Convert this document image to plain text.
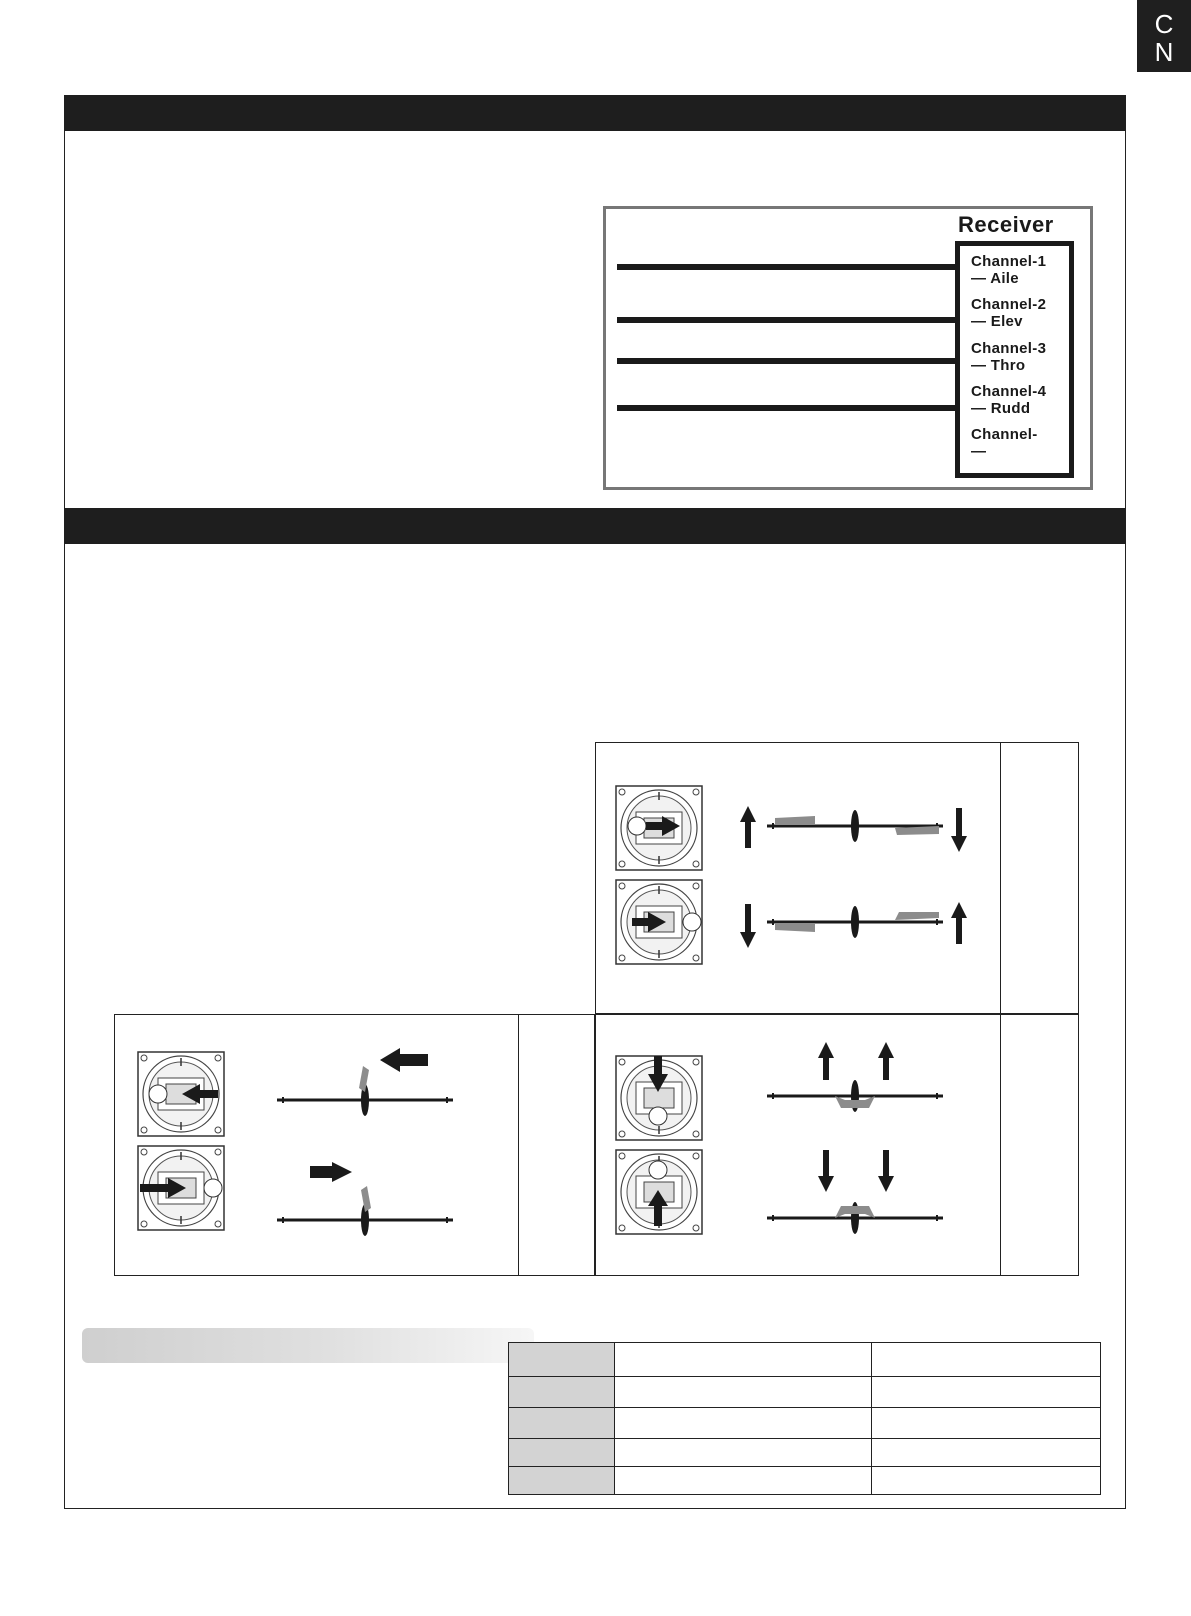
C
N
Receiver
Channel-1
— Aile
Channel-2
— Elev
Channel-3
— Thro
Channel-4
— Rudd
Channel-
—
